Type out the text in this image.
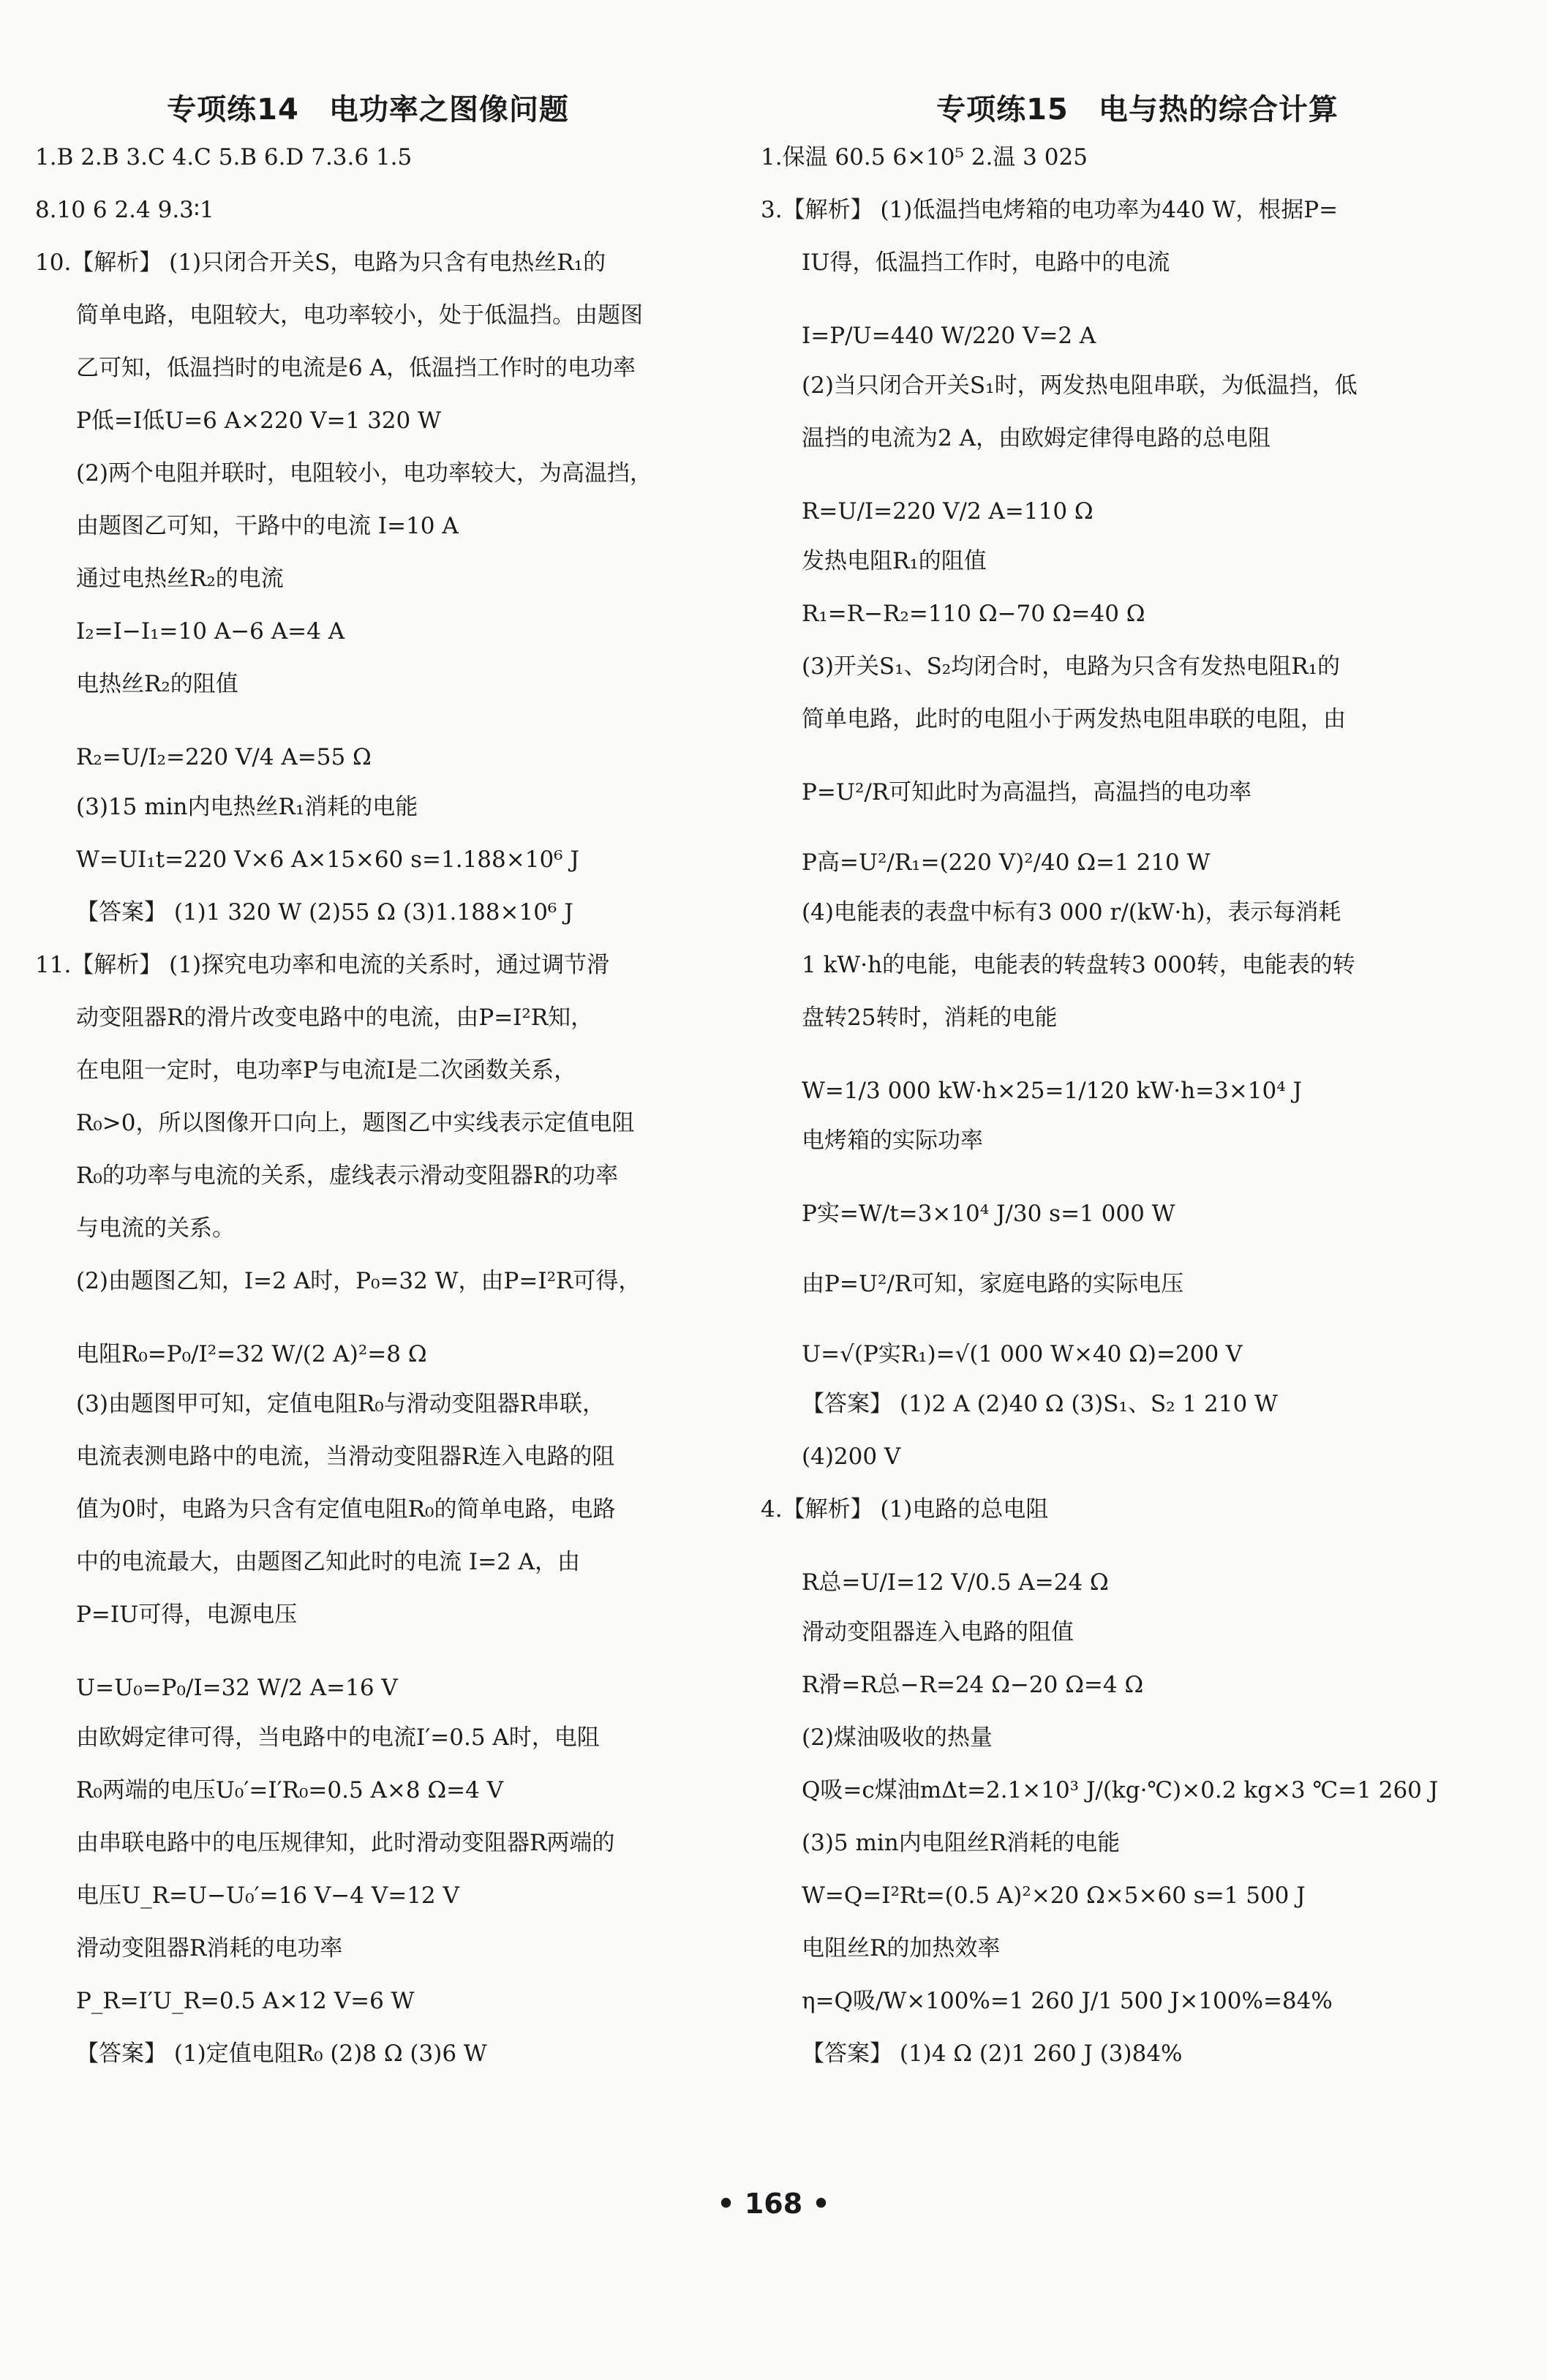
专项练14　电功率之图像问题
1.B 2.B 3.C 4.C 5.B 6.D 7.3.6 1.5
8.10 6 2.4 9.3∶1
10.【解析】 (1)只闭合开关S，电路为只含有电热丝R₁的
简单电路，电阻较大，电功率较小，处于低温挡。由题图
乙可知，低温挡时的电流是6 A，低温挡工作时的电功率
P低=I低U=6 A×220 V=1 320 W
(2)两个电阻并联时，电阻较小，电功率较大，为高温挡，
由题图乙可知，干路中的电流 I=10 A
通过电热丝R₂的电流
I₂=I−I₁=10 A−6 A=4 A
电热丝R₂的阻值
R₂=U/I₂=220 V/4 A=55 Ω
(3)15 min内电热丝R₁消耗的电能
W=UI₁t=220 V×6 A×15×60 s=1.188×10⁶ J
【答案】 (1)1 320 W (2)55 Ω (3)1.188×10⁶ J
11.【解析】 (1)探究电功率和电流的关系时，通过调节滑
动变阻器R的滑片改变电路中的电流，由P=I²R知，
在电阻一定时，电功率P与电流I是二次函数关系，
R₀>0，所以图像开口向上，题图乙中实线表示定值电阻
R₀的功率与电流的关系，虚线表示滑动变阻器R的功率
与电流的关系。
(2)由题图乙知，I=2 A时，P₀=32 W，由P=I²R可得，
电阻R₀=P₀/I²=32 W/(2 A)²=8 Ω
(3)由题图甲可知，定值电阻R₀与滑动变阻器R串联，
电流表测电路中的电流，当滑动变阻器R连入电路的阻
值为0时，电路为只含有定值电阻R₀的简单电路，电路
中的电流最大，由题图乙知此时的电流 I=2 A，由
P=IU可得，电源电压
U=U₀=P₀/I=32 W/2 A=16 V
由欧姆定律可得，当电路中的电流I′=0.5 A时，电阻
R₀两端的电压U₀′=I′R₀=0.5 A×8 Ω=4 V
由串联电路中的电压规律知，此时滑动变阻器R两端的
电压U_R=U−U₀′=16 V−4 V=12 V
滑动变阻器R消耗的电功率
P_R=I′U_R=0.5 A×12 V=6 W
【答案】 (1)定值电阻R₀ (2)8 Ω (3)6 W
专项练15　电与热的综合计算
1.保温 60.5 6×10⁵ 2.温 3 025
3.【解析】 (1)低温挡电烤箱的电功率为440 W，根据P=
IU得，低温挡工作时，电路中的电流
I=P/U=440 W/220 V=2 A
(2)当只闭合开关S₁时，两发热电阻串联，为低温挡，低
温挡的电流为2 A，由欧姆定律得电路的总电阻
R=U/I=220 V/2 A=110 Ω
发热电阻R₁的阻值
R₁=R−R₂=110 Ω−70 Ω=40 Ω
(3)开关S₁、S₂均闭合时，电路为只含有发热电阻R₁的
简单电路，此时的电阻小于两发热电阻串联的电阻，由
P=U²/R可知此时为高温挡，高温挡的电功率
P高=U²/R₁=(220 V)²/40 Ω=1 210 W
(4)电能表的表盘中标有3 000 r/(kW·h)，表示每消耗
1 kW·h的电能，电能表的转盘转3 000转，电能表的转
盘转25转时，消耗的电能
W=1/3 000 kW·h×25=1/120 kW·h=3×10⁴ J
电烤箱的实际功率
P实=W/t=3×10⁴ J/30 s=1 000 W
由P=U²/R可知，家庭电路的实际电压
U=√(P实R₁)=√(1 000 W×40 Ω)=200 V
【答案】 (1)2 A (2)40 Ω (3)S₁、S₂ 1 210 W
(4)200 V
4.【解析】 (1)电路的总电阻
R总=U/I=12 V/0.5 A=24 Ω
滑动变阻器连入电路的阻值
R滑=R总−R=24 Ω−20 Ω=4 Ω
(2)煤油吸收的热量
Q吸=c煤油mΔt=2.1×10³ J/(kg·℃)×0.2 kg×3 ℃=1 260 J
(3)5 min内电阻丝R消耗的电能
W=Q=I²Rt=(0.5 A)²×20 Ω×5×60 s=1 500 J
电阻丝R的加热效率
η=Q吸/W×100%=1 260 J/1 500 J×100%=84%
【答案】 (1)4 Ω (2)1 260 J (3)84%
• 168 •
